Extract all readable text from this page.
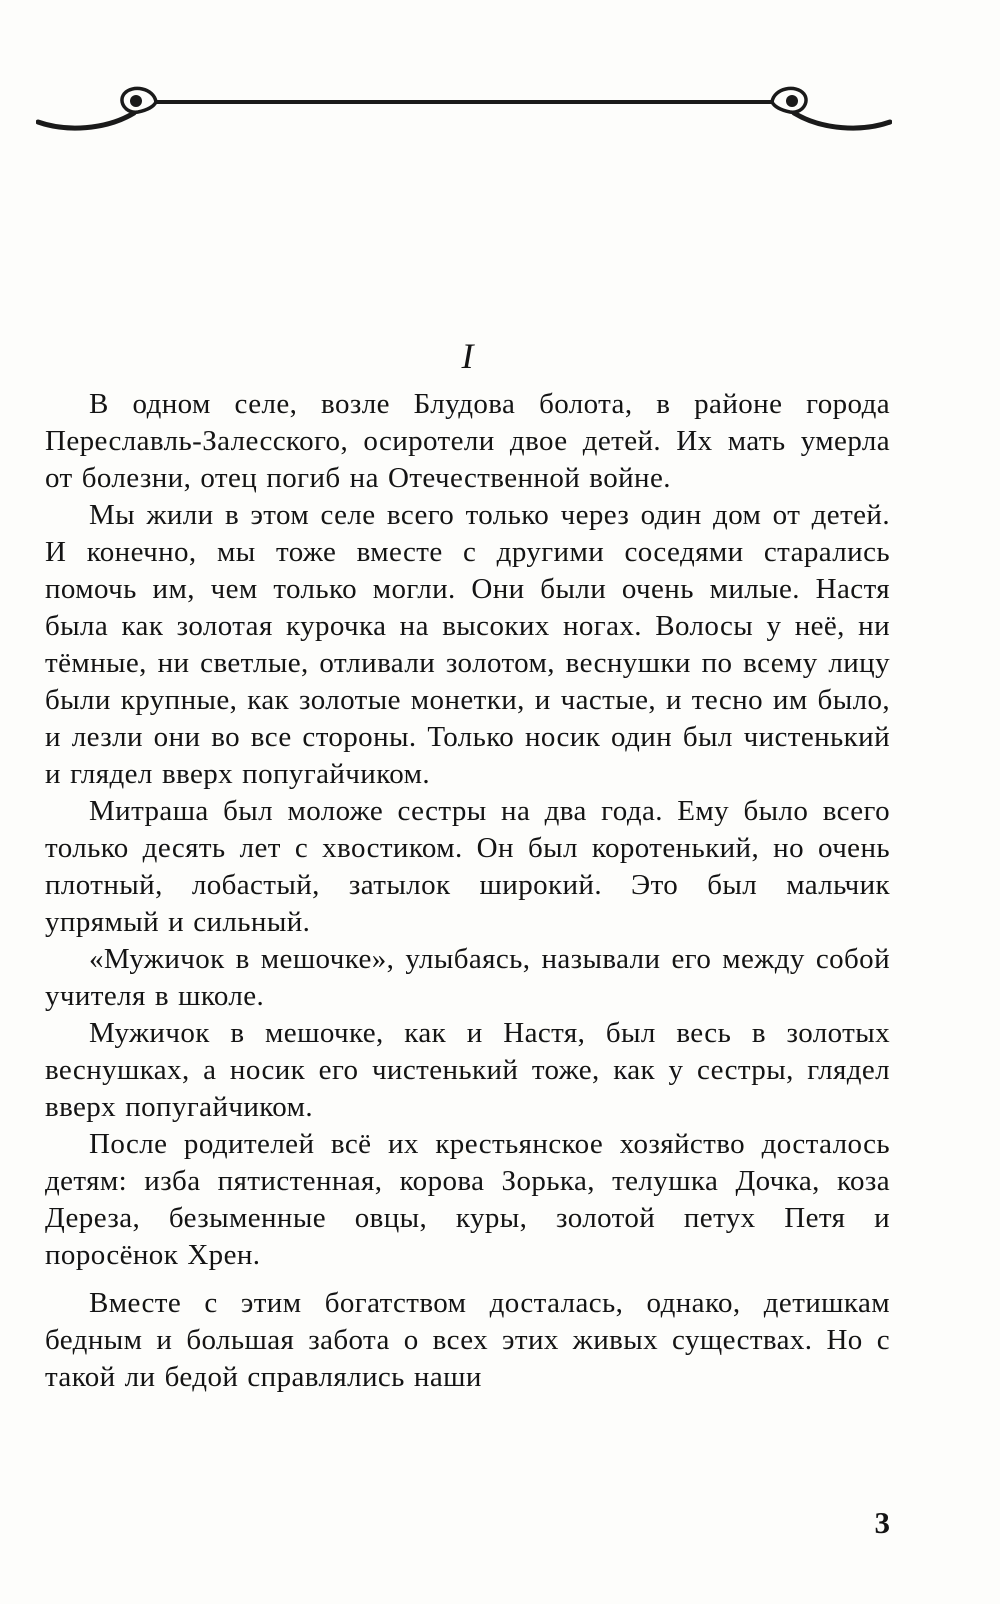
I

В одном селе, возле Блудова болота, в районе города Переславль-Залесского, осиротели двое детей. Их мать умерла от болезни, отец погиб на Отечественной войне.

Мы жили в этом селе всего только через один дом от детей. И конечно, мы тоже вместе с другими соседями старались помочь им, чем только могли. Они были очень милые. Настя была как золотая курочка на высоких ногах. Волосы у неё, ни тёмные, ни светлые, отливали золотом, веснушки по всему лицу были крупные, как золотые монетки, и частые, и тесно им было, и лезли они во все стороны. Только носик один был чистенький и глядел вверх попугайчиком.

Митраша был моложе сестры на два года. Ему было всего только десять лет с хвостиком. Он был коротенький, но очень плотный, лобастый, затылок широкий. Это был мальчик упрямый и сильный.

«Мужичок в мешочке», улыбаясь, называли его между собой учителя в школе.

Мужичок в мешочке, как и Настя, был весь в золотых веснушках, а носик его чистенький тоже, как у сестры, глядел вверх попугайчиком.

После родителей всё их крестьянское хозяйство досталось детям: изба пятистенная, корова Зорька, телушка Дочка, коза Дереза, безыменные овцы, куры, золотой петух Петя и поросёнок Хрен.

Вместе с этим богатством досталась, однако, детишкам бедным и большая забота о всех этих живых существах. Но с такой ли бедой справлялись наши

3
